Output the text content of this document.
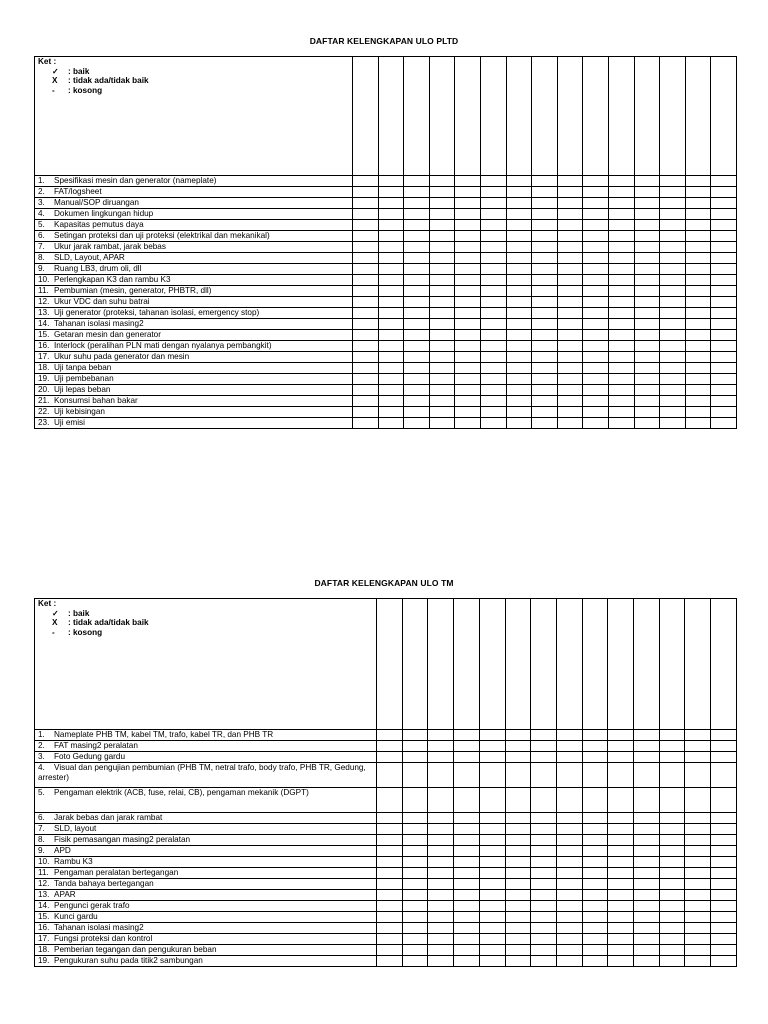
DAFTAR KELENGKAPAN ULO PLTD
Ket :
✓ : baik
X : tidak ada/tidak baik
- : kosong															

1. Spesifikasi mesin dan generator (nameplate)															
2. FAT/logsheet															
3. Manual/SOP diruangan															
4. Dokumen lingkungan hidup															
5. Kapasitas pemutus daya															
6. Setingan proteksi dan uji proteksi (elektrikal dan mekanikal)															
7. Ukur jarak rambat, jarak bebas															
8. SLD, Layout, APAR															
9. Ruang LB3, drum oli, dll															
10. Perlengkapan K3 dan rambu K3															
11. Pembumian (mesin, generator, PHBTR, dll)															
12. Ukur VDC dan suhu batrai															
13. Uji generator (proteksi, tahanan isolasi, emergency stop)															
14. Tahanan isolasi masing2															
15. Getaran mesin dan generator															
16. Interlock (peralihan PLN mati dengan nyalanya pembangkit)															
17. Ukur suhu pada generator dan mesin															
18. Uji tanpa beban															
19. Uji pembebanan															
20. Uji lepas beban															
21. Konsumsi bahan bakar															
22. Uji kebisingan															
23. Uji emisi															
DAFTAR KELENGKAPAN ULO TM
Ket :
✓ : baik
X : tidak ada/tidak baik
- : kosong														

1. Nameplate PHB TM, kabel TM, trafo, kabel TR, dan PHB TR														
2. FAT masing2 peralatan														
3. Foto Gedung gardu														
4. Visual dan pengujian pembumian (PHB TM, netral trafo, body trafo, PHB TR, Gedung, arrester)														
5. Pengaman elektrik (ACB, fuse, relai, CB), pengaman mekanik (DGPT)														
6. Jarak bebas dan jarak rambat														
7. SLD, layout														
8. Fisik pemasangan masing2 peralatan														
9. APD														
10. Rambu K3														
11. Pengaman peralatan bertegangan														
12. Tanda bahaya bertegangan														
13. APAR														
14. Pengunci gerak trafo														
15. Kunci gardu														
16. Tahanan isolasi masing2														
17. Fungsi proteksi dan kontrol														
18. Pemberian tegangan dan pengukuran beban														
19. Pengukuran suhu pada titik2 sambungan														
